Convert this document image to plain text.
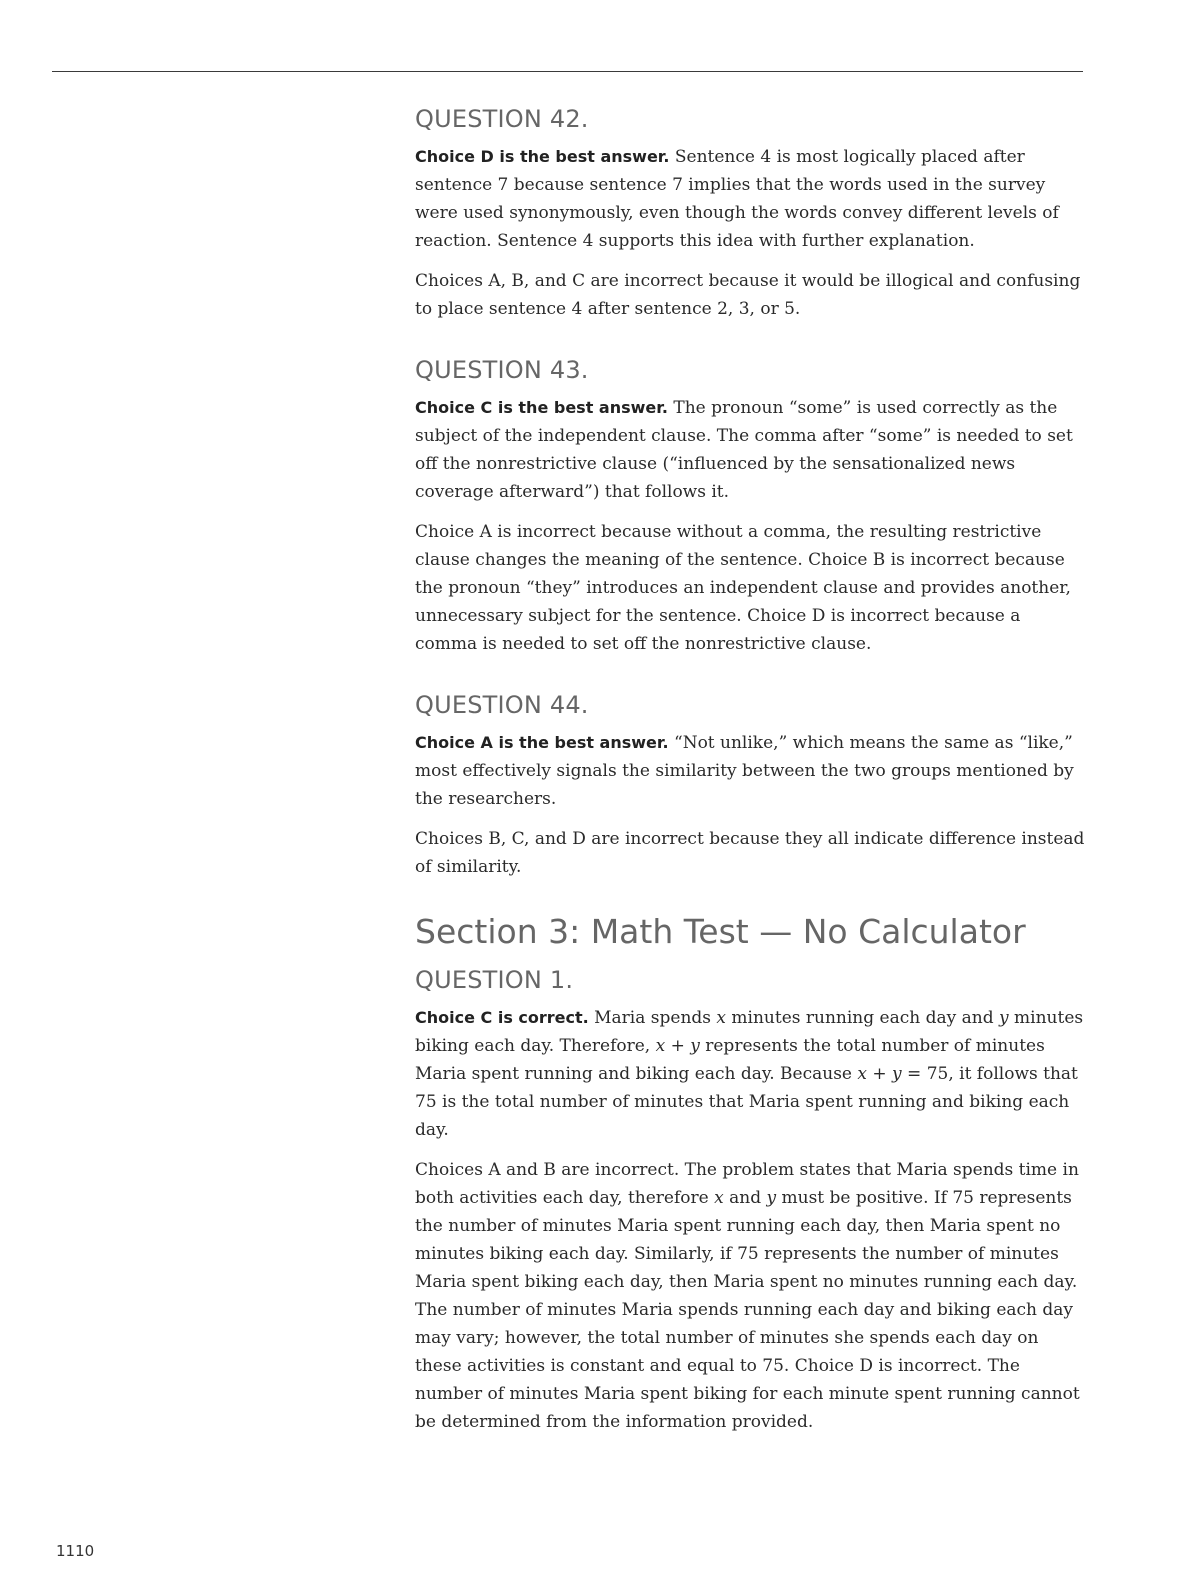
QUESTION 42.

Choice D is the best answer. Sentence 4 is most logically placed after sentence 7 because sentence 7 implies that the words used in the survey were used synonymously, even though the words convey different levels of reaction. Sentence 4 supports this idea with further explanation.

Choices A, B, and C are incorrect because it would be illogical and confusing to place sentence 4 after sentence 2, 3, or 5.

QUESTION 43.

Choice C is the best answer. The pronoun “some” is used correctly as the subject of the independent clause. The comma after “some” is needed to set off the nonrestrictive clause (“influenced by the sensationalized news coverage afterward”) that follows it.

Choice A is incorrect because without a comma, the resulting restrictive clause changes the meaning of the sentence. Choice B is incorrect because the pronoun “they” introduces an independent clause and provides another, unnecessary subject for the sentence. Choice D is incorrect because a comma is needed to set off the nonrestrictive clause.

QUESTION 44.

Choice A is the best answer. “Not unlike,” which means the same as “like,” most effectively signals the similarity between the two groups mentioned by the researchers.

Choices B, C, and D are incorrect because they all indicate difference instead of similarity.

Section 3: Math Test — No Calculator
QUESTION 1.

Choice C is correct. Maria spends x minutes running each day and y minutes biking each day. Therefore, x + y represents the total number of minutes Maria spent running and biking each day. Because x + y = 75, it follows that 75 is the total number of minutes that Maria spent running and biking each day.

Choices A and B are incorrect. The problem states that Maria spends time in both activities each day, therefore x and y must be positive. If 75 represents the number of minutes Maria spent running each day, then Maria spent no minutes biking each day. Similarly, if 75 represents the number of minutes Maria spent biking each day, then Maria spent no minutes running each day. The number of minutes Maria spends running each day and biking each day may vary; however, the total number of minutes she spends each day on these activities is constant and equal to 75. Choice D is incorrect. The number of minutes Maria spent biking for each minute spent running cannot be determined from the information provided.

1110
